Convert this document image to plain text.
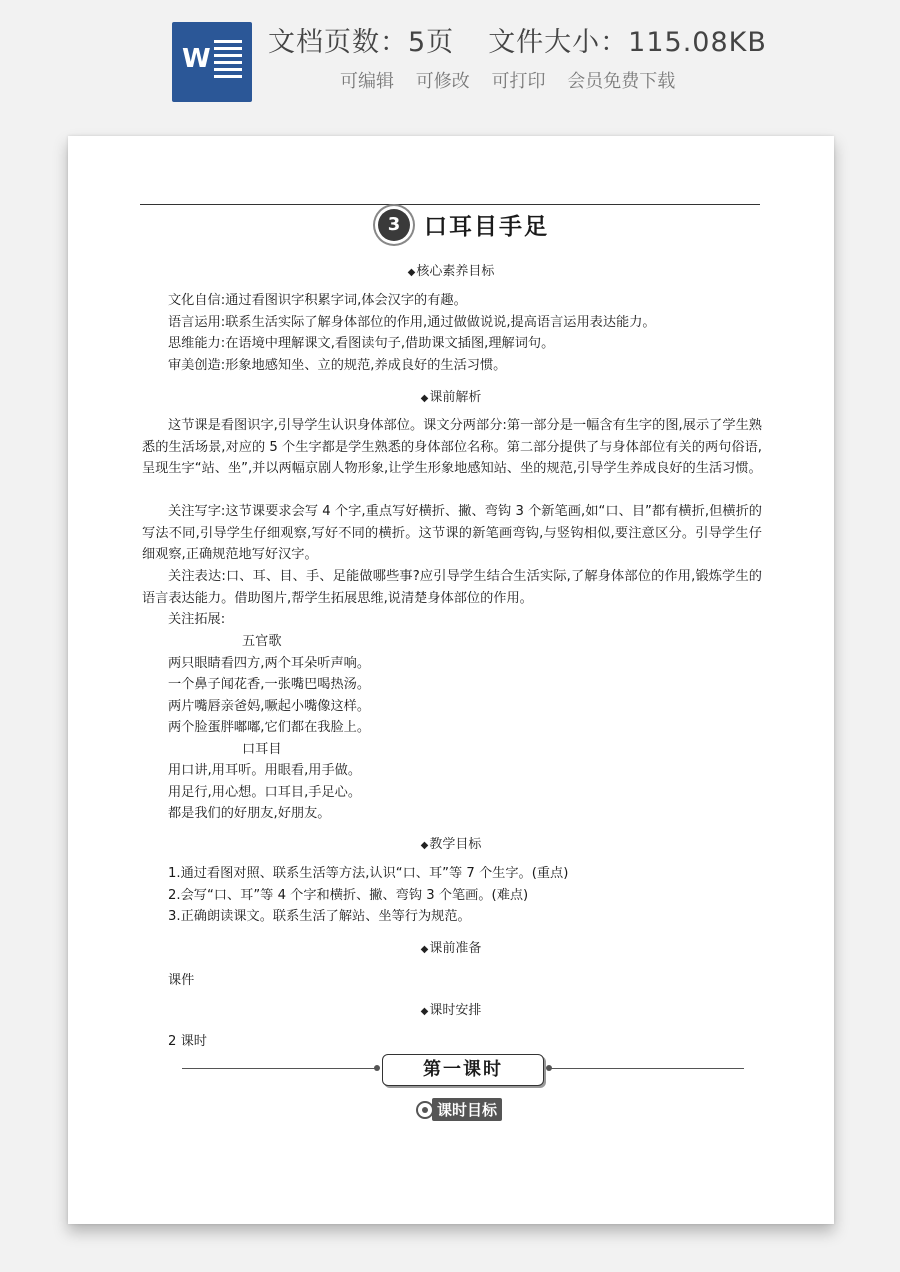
W
文档页数：5页 文件大小：115.08KB
可编辑 可修改 可打印 会员免费下载
3 口耳目手足
◆核心素养目标
文化自信:通过看图识字积累字词,体会汉字的有趣。
语言运用:联系生活实际了解身体部位的作用,通过做做说说,提高语言运用表达能力。
思维能力:在语境中理解课文,看图读句子,借助课文插图,理解词句。
审美创造:形象地感知坐、立的规范,养成良好的生活习惯。
◆课前解析
这节课是看图识字,引导学生认识身体部位。课文分两部分:第一部分是一幅含有生字的图,展示了学生熟悉的生活场景,对应的 5 个生字都是学生熟悉的身体部位名称。第二部分提供了与身体部位有关的两句俗语,呈现生字“站、坐”,并以两幅京剧人物形象,让学生形象地感知站、坐的规范,引导学生养成良好的生活习惯。
关注写字:这节课要求会写 4 个字,重点写好横折、撇、弯钩 3 个新笔画,如“口、目”都有横折,但横折的写法不同,引导学生仔细观察,写好不同的横折。这节课的新笔画弯钩,与竖钩相似,要注意区分。引导学生仔细观察,正确规范地写好汉字。
关注表达:口、耳、目、手、足能做哪些事?应引导学生结合生活实际,了解身体部位的作用,锻炼学生的语言表达能力。借助图片,帮学生拓展思维,说清楚身体部位的作用。
关注拓展:
五官歌
两只眼睛看四方,两个耳朵听声响。
一个鼻子闻花香,一张嘴巴喝热汤。
两片嘴唇亲爸妈,噘起小嘴像这样。
两个脸蛋胖嘟嘟,它们都在我脸上。
口耳目
用口讲,用耳听。用眼看,用手做。
用足行,用心想。口耳目,手足心。
都是我们的好朋友,好朋友。
◆教学目标
1.通过看图对照、联系生活等方法,认识“口、耳”等 7 个生字。(重点)
2.会写“口、耳”等 4 个字和横折、撇、弯钩 3 个笔画。(难点)
3.正确朗读课文。联系生活了解站、坐等行为规范。
◆课前准备
课件
◆课时安排
2 课时
第一课时
课时目标
